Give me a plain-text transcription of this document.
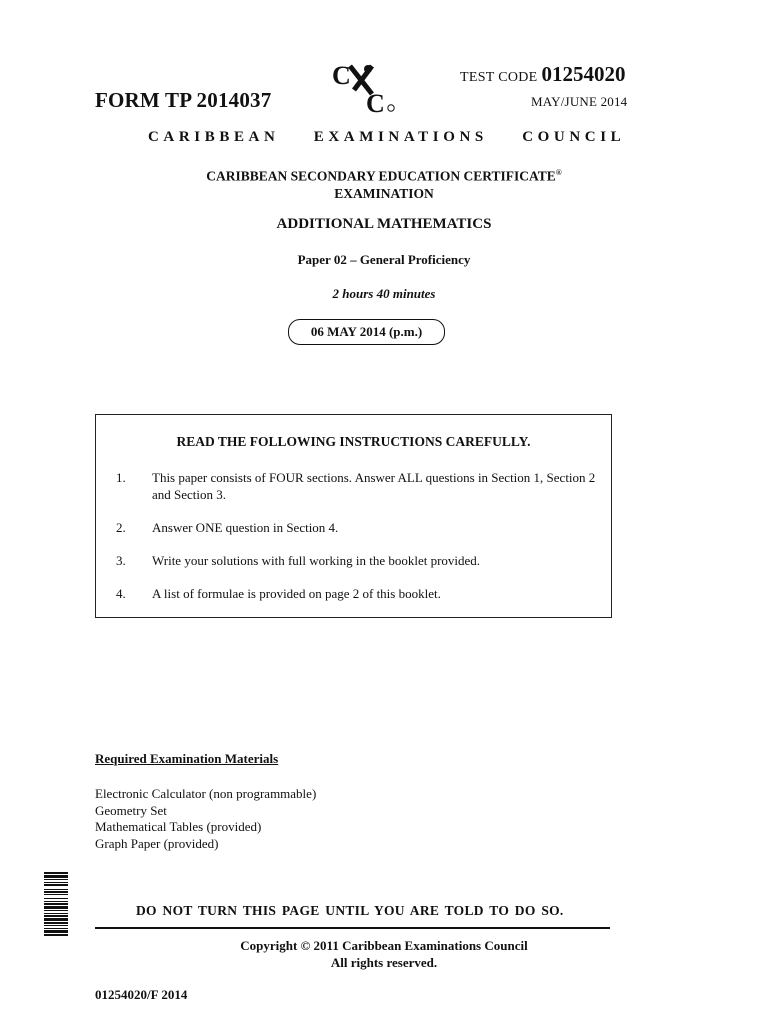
FORM TP 2014037
C
C
TEST CODE 01254020
MAY/JUNE 2014
CARIBBEAN EXAMINATIONS COUNCIL
CARIBBEAN SECONDARY EDUCATION CERTIFICATE®
EXAMINATION
ADDITIONAL MATHEMATICS
Paper 02 – General Proficiency
2 hours 40 minutes
06 MAY 2014 (p.m.)
READ THE FOLLOWING INSTRUCTIONS CAREFULLY.
1. This paper consists of FOUR sections. Answer ALL questions in Section 1, Section 2 and Section 3.
2. Answer ONE question in Section 4.
3. Write your solutions with full working in the booklet provided.
4. A list of formulae is provided on page 2 of this booklet.
Required Examination Materials
Electronic Calculator (non programmable)
Geometry Set
Mathematical Tables (provided)
Graph Paper (provided)
DO NOT TURN THIS PAGE UNTIL YOU ARE TOLD TO DO SO.
Copyright © 2011 Caribbean Examinations Council
All rights reserved.
01254020/F 2014
